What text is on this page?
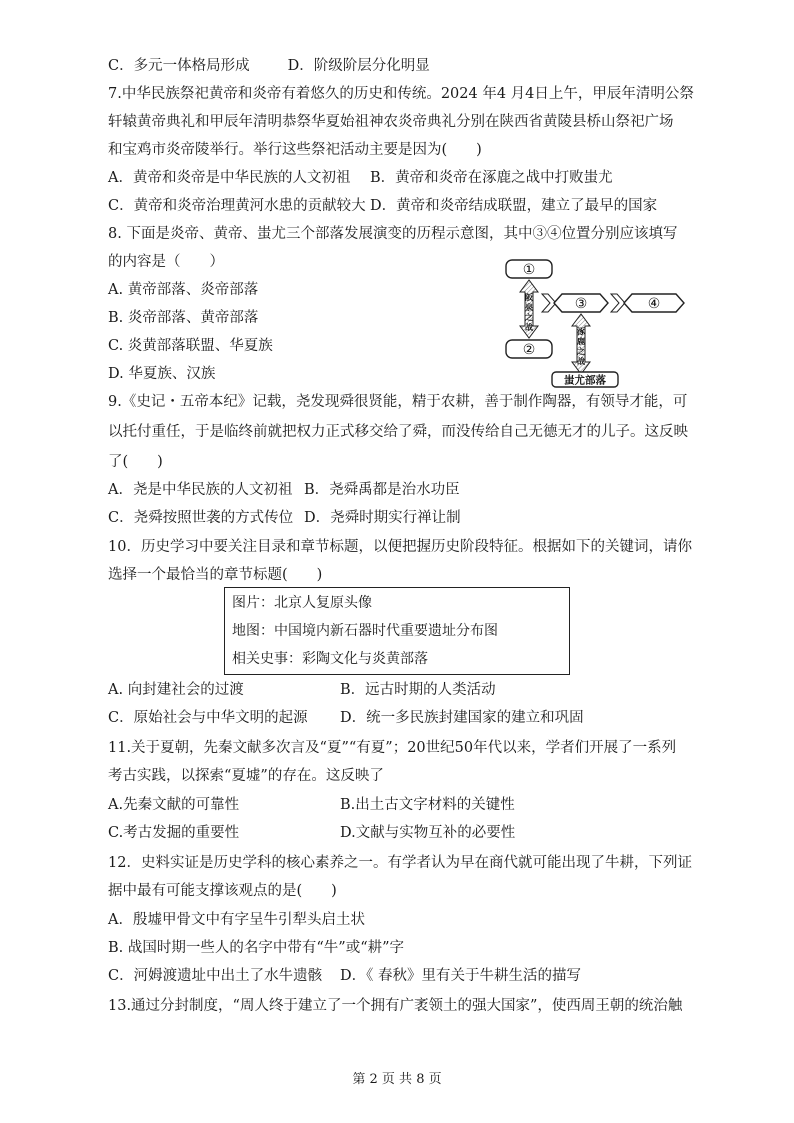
C．多元一体格局形成	D．阶级阶层分化明显
7.中华民族祭祀黄帝和炎帝有着悠久的历史和传统。2024 年4 月4日上午，甲辰年清明公祭
轩辕黄帝典礼和甲辰年清明恭祭华夏始祖神农炎帝典礼分别在陕西省黄陵县桥山祭祀广场
和宝鸡市炎帝陵举行。举行这些祭祀活动主要是因为(　　)
A．黄帝和炎帝是中华民族的人文初祖 B．黄帝和炎帝在涿鹿之战中打败蚩尤
C．黄帝和炎帝治理黄河水患的贡献较大 D．黄帝和炎帝结成联盟，建立了最早的国家
8. 下面是炎帝、黄帝、蚩尤三个部落发展演变的历程示意图，其中③④位置分别应该填写
的内容是（　　）
A. 黄帝部落、炎帝部落
B. 炎帝部落、黄帝部落
C. 炎黄部落联盟、华夏族
D. 华夏族、汉族
①
阪
泉
之
战
②
③	④
涿
鹿
之
战
蚩尤部落
9.《史记・五帝本纪》记载，尧发现舜很贤能，精于农耕，善于制作陶器，有领导才能，可
以托付重任，于是临终前就把权力正式移交给了舜，而没传给自己无德无才的儿子。这反映
了(　　)
A．尧是中华民族的人文初祖 B．尧舜禹都是治水功臣
C．尧舜按照世袭的方式传位 D．尧舜时期实行禅让制
10．历史学习中要关注目录和章节标题，以便把握历史阶段特征。根据如下的关键词，请你
选择一个最恰当的章节标题(　　)
图片：北京人复原头像
地图：中国境内新石器时代重要遗址分布图
相关史事：彩陶文化与炎黄部落
A. 向封建社会的过渡	B．远古时期的人类活动
C．原始社会与中华文明的起源 D．统一多民族封建国家的建立和巩固
11.关于夏朝，先秦文献多次言及“夏”“有夏”；20世纪50年代以来，学者们开展了一系列
考古实践，以探索“夏墟”的存在。这反映了
A.先秦文献的可靠性	B.出土古文字材料的关键性
C.考古发掘的重要性	D.文献与实物互补的必要性
12．史料实证是历史学科的核心素养之一。有学者认为早在商代就可能出现了牛耕，下列证
据中最有可能支撑该观点的是(　　)
A．殷墟甲骨文中有字呈牛引犁头启土状
B. 战国时期一些人的名字中带有“牛”或“耕”字
C．河姆渡遗址中出土了水牛遗骸 D．《 春秋》里有关于牛耕生活的描写
13.通过分封制度，“周人终于建立了一个拥有广袤领土的强大国家”，使西周王朝的统治触
第 2 页 共 8 页
